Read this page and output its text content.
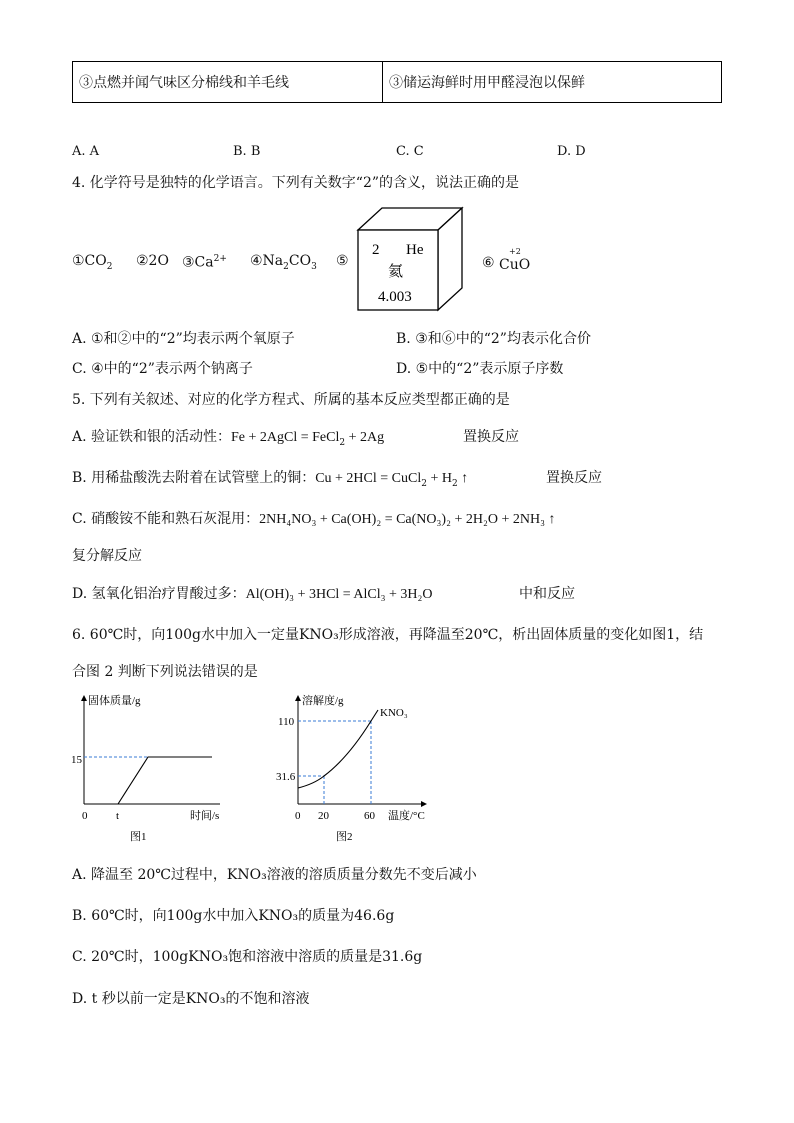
③点燃并闻气味区分棉线和羊毛线	③储运海鲜时用甲醛浸泡以保鲜
A. A	B. B	C. C	D. D
4. 化学符号是独特的化学语言。下列有关数字“2”的含义，说法正确的是
$①CO_2$ ②2O $③Ca^{2+}$ $④Na_2CO_3$ ⑤
2 He
氦
4.003
⑥
+2
CuO
A. ①和②中的“2”均表示两个氧原子	B. ③和⑥中的“2”均表示化合价
C. ④中的“2”表示两个钠离子	D. ⑤中的“2”表示原子序数
5. 下列有关叙述、对应的化学方程式、所属的基本反应类型都正确的是
A. 验证铁和银的活动性：Fe + 2AgCl = FeCl$_2$ + 2Ag	置换反应
B. 用稀盐酸洗去附着在试管壁上的铜：Cu + 2HCl = CuCl$_2$ + $H_2$ ↑	置换反应
C. 硝酸铵不能和熟石灰混用：2NH₄NO₃ + Ca(OH)₂ = Ca(NO₃)₂ + 2H₂O + 2NH₃ ↑
复分解反应
D. 氢氧化铝治疗胃酸过多：Al(OH)₃ + 3HCl = AlCl₃ + 3H₂O	中和反应
6. 60℃时，向100g水中加入一定量KNO₃形成溶液，再降温至20℃，析出固体质量的变化如图1，结
合图 2 判断下列说法错误的是
固体质量/g
15
0	t	时间/s
图1
溶解度/g
KNO₃
110
31.6
0 20	60 温度/°C
图2
A. 降温至 20℃过程中，KNO₃溶液的溶质质量分数先不变后减小
B. 60℃时，向100g水中加入KNO₃的质量为46.6g
C. 20℃时，100gKNO₃饱和溶液中溶质的质量是31.6g
D. t 秒以前一定是KNO₃的不饱和溶液
